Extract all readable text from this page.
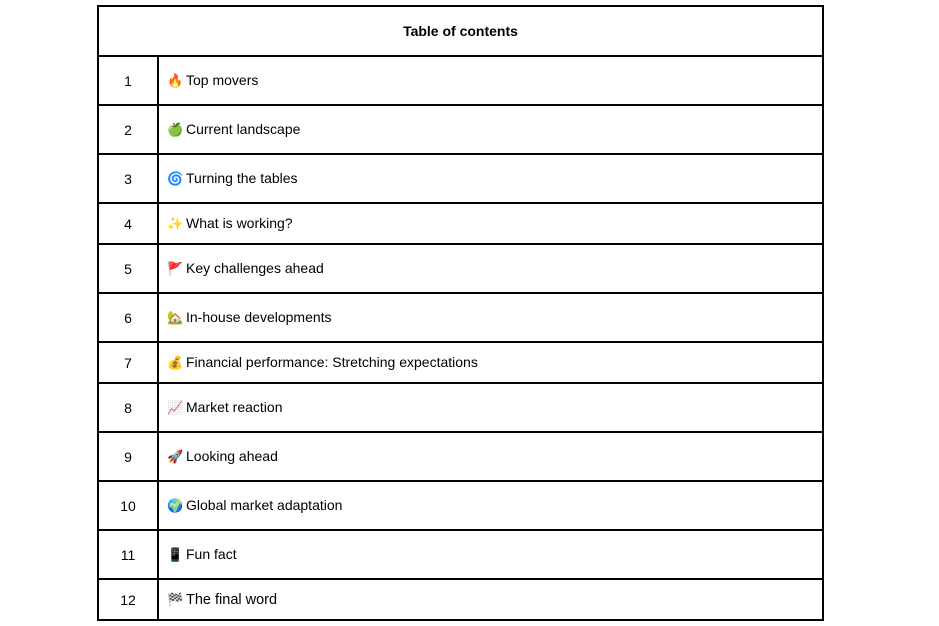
Table of contents	
1	🔥 Top movers
2	🍏 Current landscape
3	🌀 Turning the tables
4	✨ What is working?
5	🚩 Key challenges ahead
6	🏡 In-house developments
7	💰 Financial performance: Stretching expectations
8	📈 Market reaction
9	🚀 Looking ahead
10	🌍 Global market adaptation
11	📱 Fun fact
12	🏁 The final word
